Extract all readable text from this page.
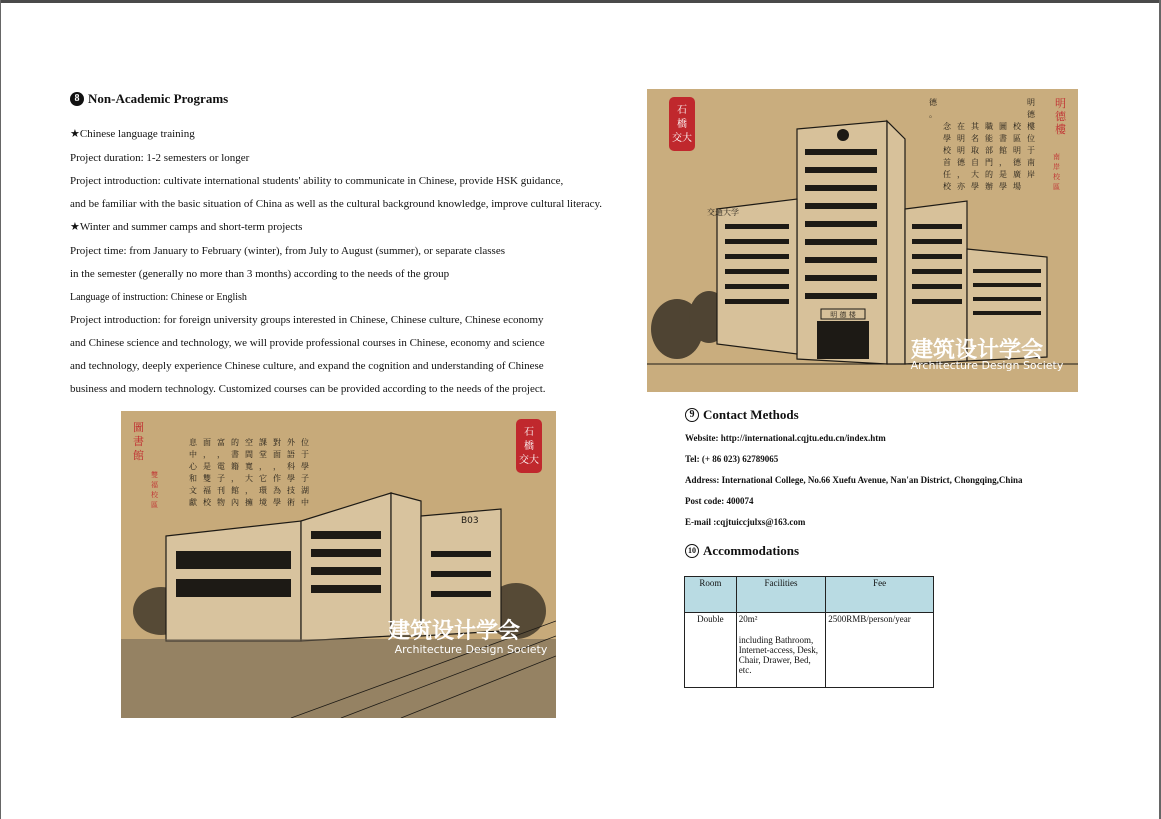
8 Non-Academic Programs
★Chinese language training
Project duration: 1-2 semesters or longer
Project introduction: cultivate international students' ability to communicate in Chinese, provide HSK guidance,
and be familiar with the basic situation of China as well as the cultural background knowledge, improve cultural literacy.
★Winter and summer camps and short-term projects
Project time: from January to February (winter), from July to August (summer), or separate classes
in the semester (generally no more than 3 months) according to the needs of the group
Language of instruction: Chinese or English
Project introduction: for foreign university groups interested in Chinese, Chinese culture, Chinese economy
and Chinese science and technology, we will provide professional courses in Chinese, economy and science
and technology, deeply experience Chinese culture, and expand the cognition and understanding of Chinese
business and modern technology. Customized courses can be provided according to the needs of the project.
明 德 楼
交通大学
石
橋
交大
明
德
樓
明
德
樓
位
于
南
岸
校
區
明
德
廣
場
圖
書
館
，
是
學
職
能
部
門
的
辦
其
名
取
自
大
學
在
明
明
德
，
亦
念
學
校
首
任
校
德
。
南
岸
校
區
建筑设计学会
Architecture Design Society
B03
石
橋
交大
圖
書
館
雙
福
校
區
位
于
學
子
湖
中
外
語
科
學
技
術
對
面
，
作
為
學
課
堂
，
它
環
境
空
間
寬
大
，
擁
的
書
籍
，
館
內
富
，
電
子
刊
物
面
，
是
雙
福
校
息
中
心
和
文
獻
建筑设计学会
Architecture Design Society
9 Contact Methods
Website: http://international.cqjtu.edu.cn/index.htm
Tel: (+ 86 023) 62789065
Address: International College, No.66 Xuefu Avenue, Nan'an District, Chongqing,China
Post code: 400074
E-mail :cqjtuiccjulxs@163.com
10 Accommodations
Room	Facilities	Fee
Double	20m²
including Bathroom, Internet-access, Desk, Chair, Drawer, Bed, etc.	2500RMB/person/year
